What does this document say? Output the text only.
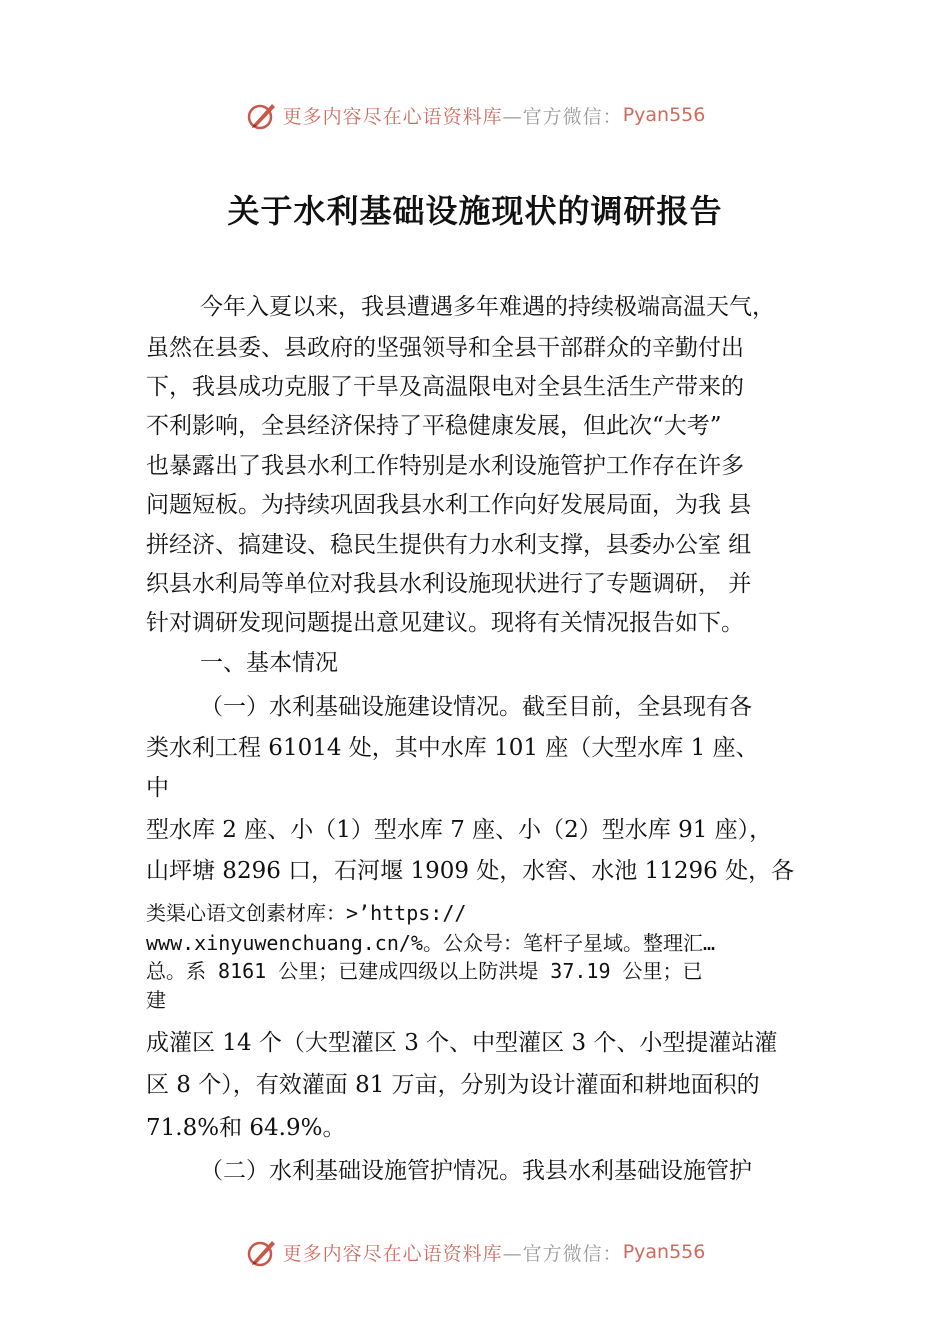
更多内容尽在心语资料库 —官方微信： Pyan556
关于水利基础设施现状的调研报告
今年入夏以来，我县遭遇多年难遇的持续极端高温天气，
虽然在县委、县政府的坚强领导和全县干部群众的辛勤付出
下，我县成功克服了干旱及高温限电对全县生活生产带来的
不利影响，全县经济保持了平稳健康发展，但此次“大考”
也暴露出了我县水利工作特别是水利设施管护工作存在许多
问题短板。为持续巩固我县水利工作向好发展局面，为我 县
拼经济、搞建设、稳民生提供有力水利支撑，县委办公室 组
织县水利局等单位对我县水利设施现状进行了专题调研， 并
针对调研发现问题提出意见建议。现将有关情况报告如下。
一、基本情况
（一）水利基础设施建设情况。截至目前，全县现有各
类水利工程 61014 处，其中水库 101 座（大型水库 1 座、
中
型水库 2 座、小（1）型水库 7 座、小（2）型水库 91 座），
山坪塘 8296 口，石河堰 1909 处，水窖、水池 11296 处，各
类渠心语文创素材库：>’https://
www.xinyuwenchuang.cn/%。公众号：笔杆子星域。整理汇…
总。系 8161 公里；已建成四级以上防洪堤 37.19 公里；已
建
成灌区 14 个（大型灌区 3 个、中型灌区 3 个、小型提灌站灌
区 8 个），有效灌面 81 万亩，分别为设计灌面和耕地面积的
71.8%和 64.9%。
（二）水利基础设施管护情况。我县水利基础设施管护
更多内容尽在心语资料库 —官方微信： Pyan556
